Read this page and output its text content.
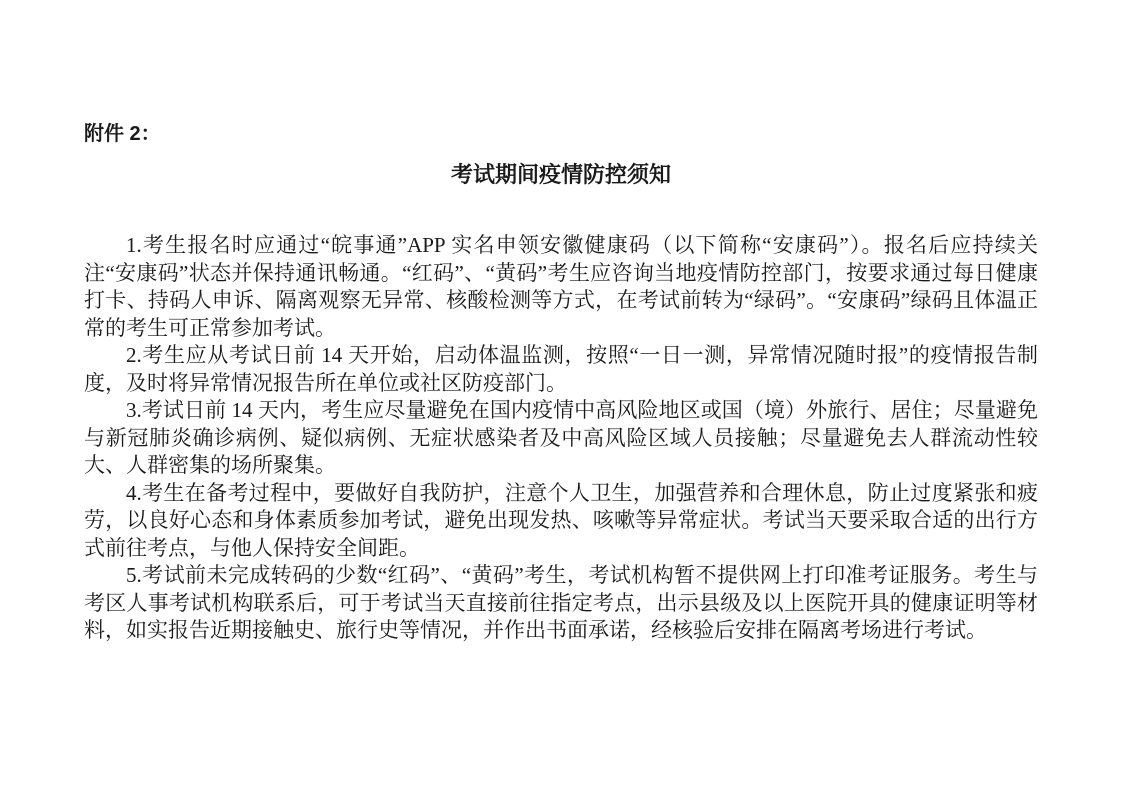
附件 2：
考试期间疫情防控须知

1.考生报名时应通过“皖事通”APP 实名申领安徽健康码（以下简称“安康码”）。报名后应持续关注“安康码”状态并保持通讯畅通。“红码”、“黄码”考生应咨询当地疫情防控部门，按要求通过每日健康打卡、持码人申诉、隔离观察无异常、核酸检测等方式，在考试前转为“绿码”。“安康码”绿码且体温正常的考生可正常参加考试。

2.考生应从考试日前 14 天开始，启动体温监测，按照“一日一测，异常情况随时报”的疫情报告制度，及时将异常情况报告所在单位或社区防疫部门。

3.考试日前 14 天内，考生应尽量避免在国内疫情中高风险地区或国（境）外旅行、居住；尽量避免与新冠肺炎确诊病例、疑似病例、无症状感染者及中高风险区域人员接触；尽量避免去人群流动性较大、人群密集的场所聚集。

4.考生在备考过程中，要做好自我防护，注意个人卫生，加强营养和合理休息，防止过度紧张和疲劳，以良好心态和身体素质参加考试，避免出现发热、咳嗽等异常症状。考试当天要采取合适的出行方式前往考点，与他人保持安全间距。

5.考试前未完成转码的少数“红码”、“黄码”考生，考试机构暂不提供网上打印准考证服务。考生与考区人事考试机构联系后，可于考试当天直接前往指定考点，出示县级及以上医院开具的健康证明等材料，如实报告近期接触史、旅行史等情况，并作出书面承诺，经核验后安排在隔离考场进行考试。
